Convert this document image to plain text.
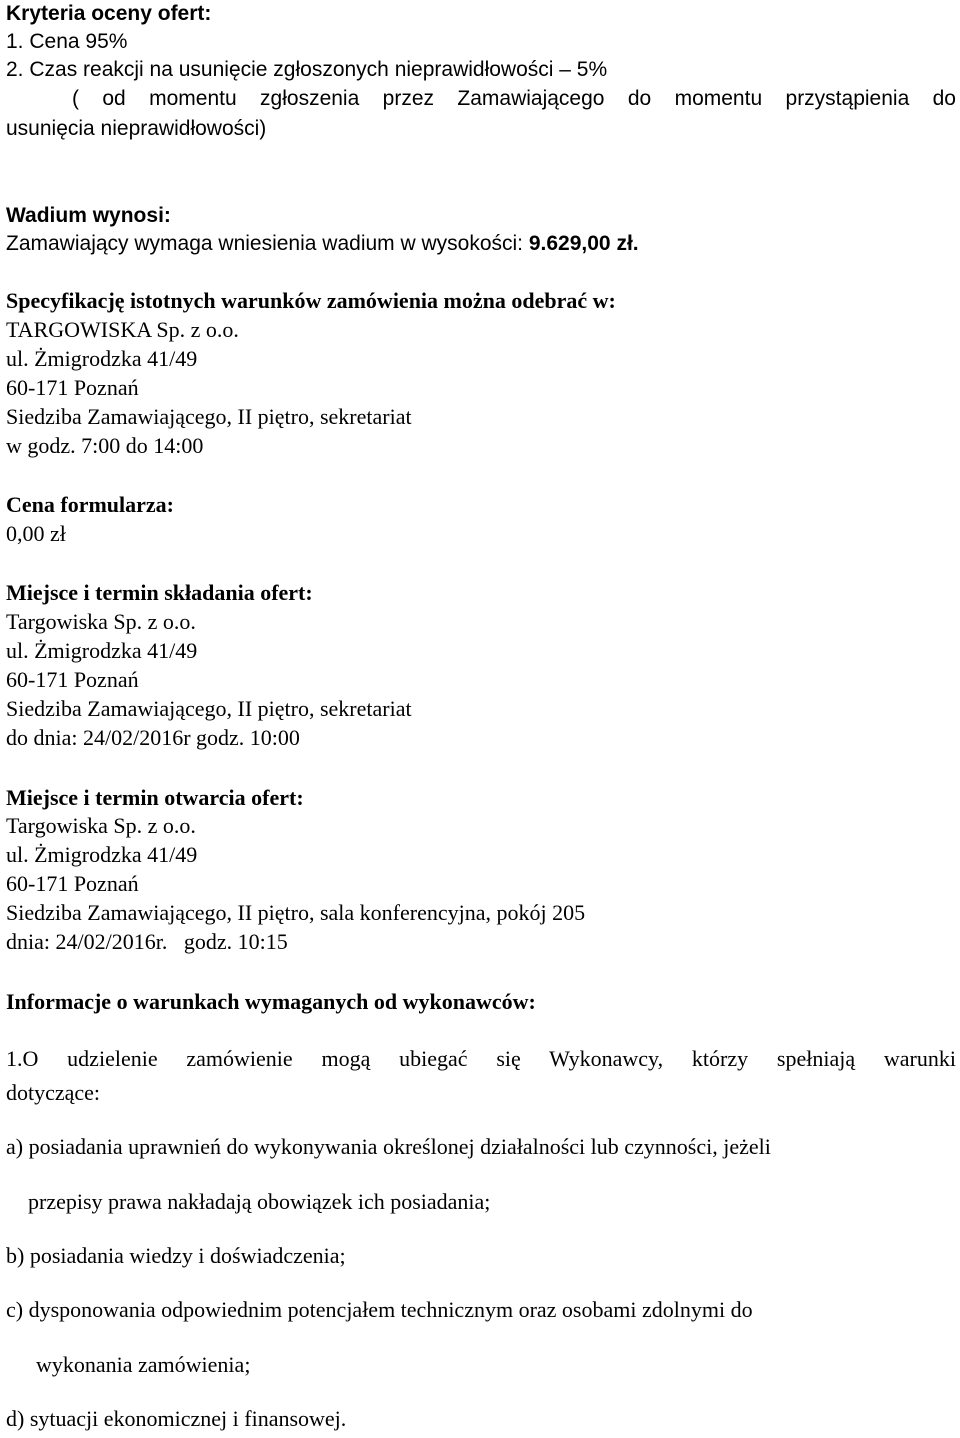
Kryteria oceny ofert:
1. Cena 95%
2. Czas reakcji na usunięcie zgłoszonych nieprawidłowości – 5%
( od momentu zgłoszenia przez Zamawiającego do momentu przystąpienia do
usunięcia nieprawidłowości)
Wadium wynosi:
Zamawiający wymaga wniesienia wadium w wysokości: 9.629,00 zł.
Specyfikację istotnych warunków zamówienia można odebrać w:
TARGOWISKA Sp. z o.o.
ul. Żmigrodzka 41/49
60-171 Poznań
Siedziba Zamawiającego, II piętro, sekretariat
w godz. 7:00 do 14:00
Cena formularza:
0,00 zł
Miejsce i termin składania ofert:
Targowiska Sp. z o.o.
ul. Żmigrodzka 41/49
60-171 Poznań
Siedziba Zamawiającego, II piętro, sekretariat
do dnia: 24/02/2016r godz. 10:00
Miejsce i termin otwarcia ofert:
Targowiska Sp. z o.o.
ul. Żmigrodzka 41/49
60-171 Poznań
Siedziba Zamawiającego, II piętro, sala konferencyjna, pokój 205
dnia: 24/02/2016r.   godz. 10:15
Informacje o warunkach wymaganych od wykonawców:
1.O udzielenie zamówienie mogą ubiegać się Wykonawcy, którzy spełniają warunki
dotyczące:
a) posiadania uprawnień do wykonywania określonej działalności lub czynności, jeżeli
przepisy prawa nakładają obowiązek ich posiadania;
b) posiadania wiedzy i doświadczenia;
c) dysponowania odpowiednim potencjałem technicznym oraz osobami zdolnymi do
wykonania zamówienia;
d) sytuacji ekonomicznej i finansowej.
